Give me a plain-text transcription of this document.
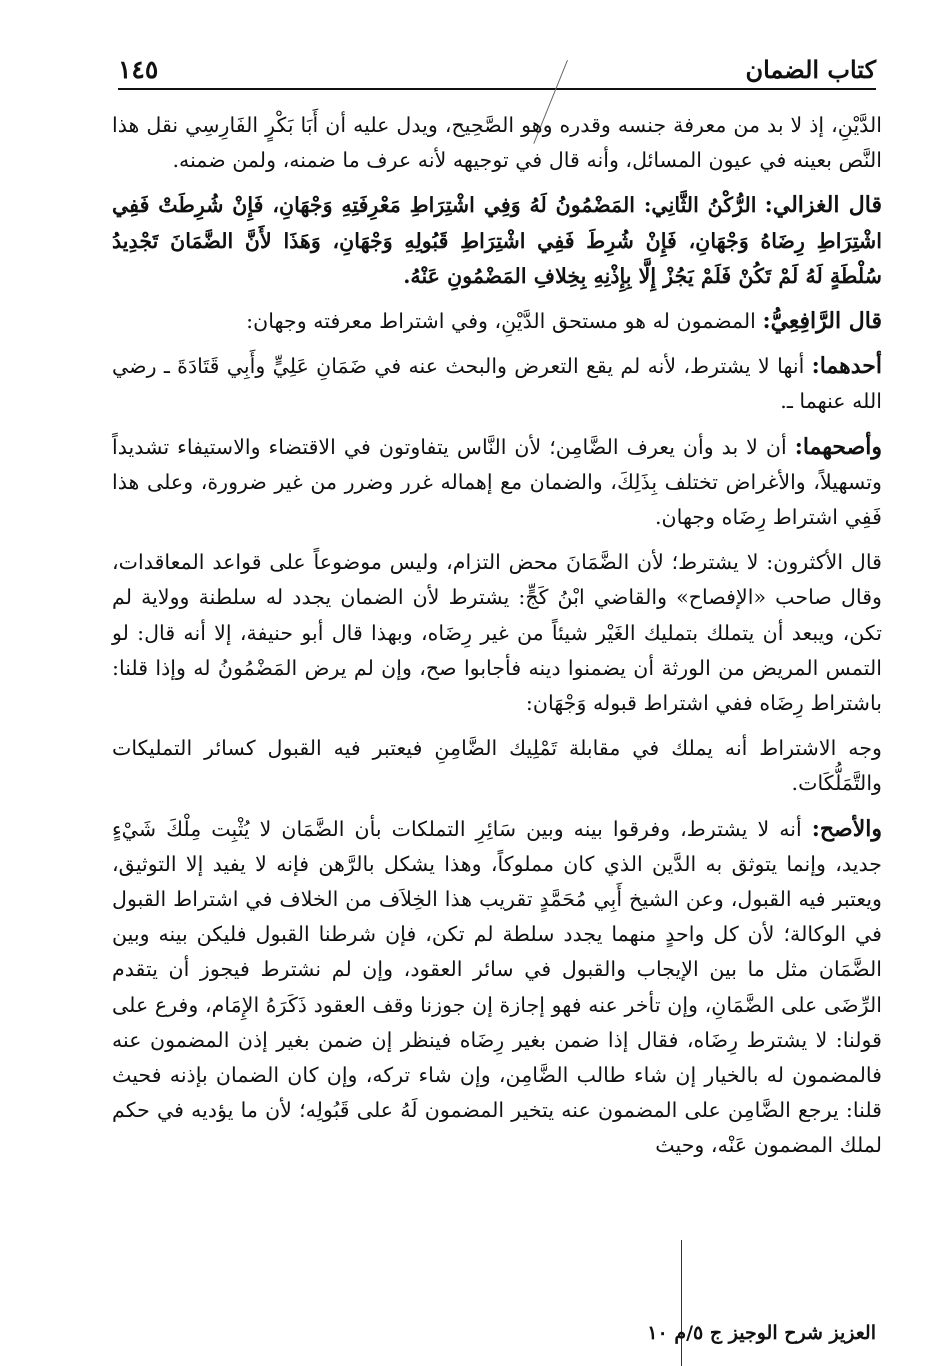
كتاب الضمان
١٤٥

الدَّيْنِ، إذ لا بد من معرفة جنسه وقدره وهو الصَّحِيح، ويدل عليه أن أَبَا بَكْرٍ الفَارِسِي نقل هذا النَّص بعينه في عيون المسائل، وأنه قال في توجيهه لأنه عرف ما ضمنه، ولمن ضمنه.

قال الغزالي: الرُّكْنُ الثَّانِي: المَضْمُونُ لَهُ وَفِي اشْتِرَاطِ مَعْرِفَتِهِ وَجْهَانِ، فَإِنْ شُرِطَتْ فَفِي اشْتِرَاطِ رِضَاهُ وَجْهَانِ، فَإِنْ شُرِطَ فَفِي اشْتِرَاطِ قَبُولِهِ وَجْهَانِ، وَهَذَا لأَنَّ الضَّمَانَ تَجْدِيدُ سُلْطَةٍ لَهُ لَمْ تَكُنْ فَلَمْ يَجُزْ إِلَّا بِإِذْنِهِ بِخِلافِ المَضْمُونِ عَنْهُ.

قال الرَّافِعِيُّ: المضمون له هو مستحق الدَّيْنِ، وفي اشتراط معرفته وجهان:

أحدهما: أنها لا يشترط، لأنه لم يقع التعرض والبحث عنه في ضَمَانِ عَلِيٍّ وأَبِي قَتَادَةَ ـ رضي الله عنهما ـ.

وأصحهما: أن لا بد وأن يعرف الضَّامِن؛ لأن النَّاس يتفاوتون في الاقتضاء والاستيفاء تشديداً وتسهيلاً، والأغراض تختلف بِذَلِكَ، والضمان مع إهماله غرر وضرر من غير ضرورة، وعلى هذا فَفِي اشتراط رِضَاه وجهان.

قال الأكثرون: لا يشترط؛ لأن الضَّمَانَ محض التزام، وليس موضوعاً على قواعد المعاقدات، وقال صاحب «الإفصاح» والقاضي ابْنُ كَجٍّ: يشترط لأن الضمان يجدد له سلطنة وولاية لم تكن، ويبعد أن يتملك بتمليك الغَيْر شيئاً من غير رِضَاه، وبهذا قال أبو حنيفة، إلا أنه قال: لو التمس المريض من الورثة أن يضمنوا دينه فأجابوا صح، وإن لم يرض المَضْمُونُ له وإذا قلنا: باشتراط رِضَاه ففي اشتراط قبوله وَجْهَان:

وجه الاشتراط أنه يملك في مقابلة تَمْلِيك الضَّامِنِ فيعتبر فيه القبول كسائر التمليكات والتَّمَلُّكَات.

والأصح: أنه لا يشترط، وفرقوا بينه وبين سَائِرِ التملكات بأن الضَّمَان لا يُثْبِت مِلْكَ شَيْءٍ جديد، وإنما يتوثق به الدَّين الذي كان مملوكاً، وهذا يشكل بالرَّهن فإنه لا يفيد إلا التوثيق، ويعتبر فيه القبول، وعن الشيخ أَبِي مُحَمَّدٍ تقريب هذا الخِلاَف من الخلاف في اشتراط القبول في الوكالة؛ لأن كل واحدٍ منهما يجدد سلطة لم تكن، فإن شرطنا القبول فليكن بينه وبين الضَّمَان مثل ما بين الإيجاب والقبول في سائر العقود، وإن لم نشترط فيجوز أن يتقدم الرِّضَى على الضَّمَانِ، وإن تأخر عنه فهو إجازة إن جوزنا وقف العقود ذَكَرَهُ الإِمَام، وفرع على قولنا: لا يشترط رِضَاه، فقال إذا ضمن بغير رِضَاه فينظر إن ضمن بغير إذن المضمون عنه فالمضمون له بالخيار إن شاء طالب الضَّامِن، وإن شاء تركه، وإن كان الضمان بإذنه فحيث قلنا: يرجع الضَّامِن على المضمون عنه يتخير المضمون لَهُ على قَبُولِه؛ لأن ما يؤديه في حكم لملك المضمون عَنْه، وحيث

العزيز شرح الوجيز ج ٥/م ١٠
